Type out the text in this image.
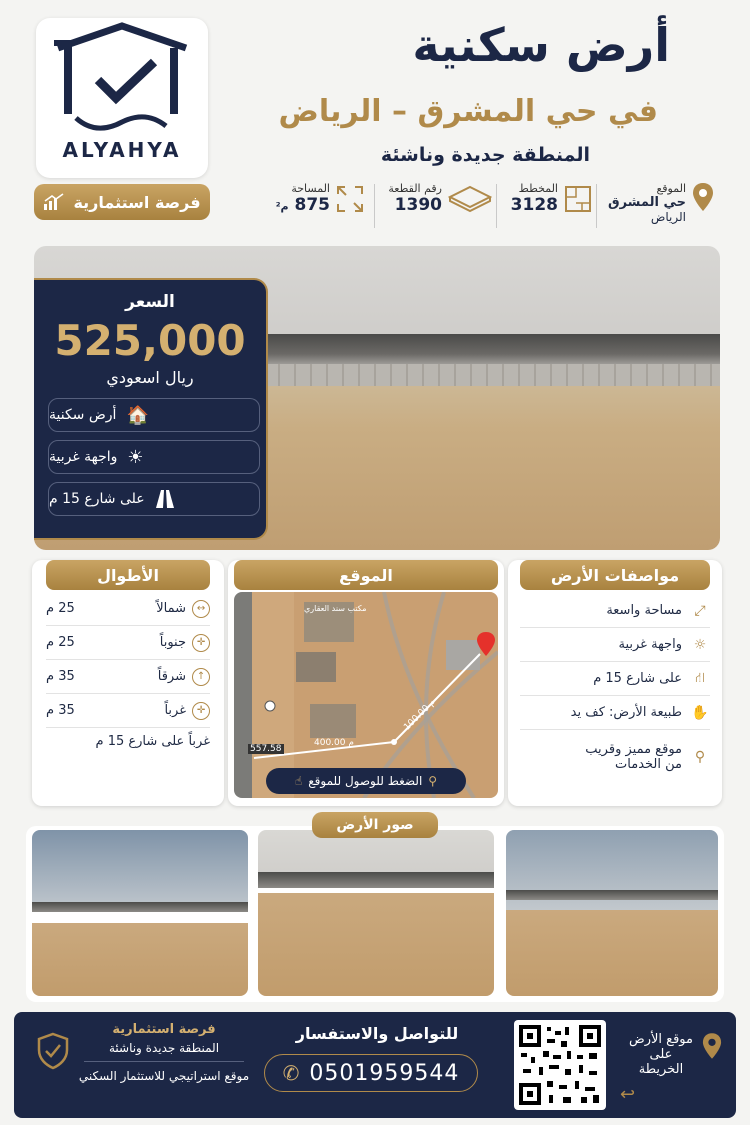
ALYAHYA
أرض سكنية
في حي المشرق – الرياض
المنطقة جديدة وناشئة
فرصة استثمارية
الموقع
حي المشرق
الرياض
المخطط
3128
رقم القطعة
1390
المساحة
875 م²
السعر
525,000
ريال اسعودي
🏠
أرض سكنية
☀
واجهة غربية
على شارع 15 م
مواصفات الأرض
⤢
مساحة واسعة
☼
واجهة غربية
⛙
على شارع 15 م
✋
طبيعة الأرض: كف يد
⚲
موقع مميز وقريب من الخدمات
الموقع
مكتب سند العقاري
400.00 م
100.00 م
557.58
⚲
الضغط للوصول للموقع
☝
الأطوال
↔
شمالاً
25 م
✛
جنوباً
25 م
↑
شرقاً
35 م
✛
غرباً
35 م
غرباً على شارع 15 م
صور الأرض
موقع الأرض على الخريطة
↩
للتواصل والاستفسار
✆ 0501959544
فرصة استثمارية
المنطقة جديدة وناشئة
موقع استراتيجي للاستثمار السكني
